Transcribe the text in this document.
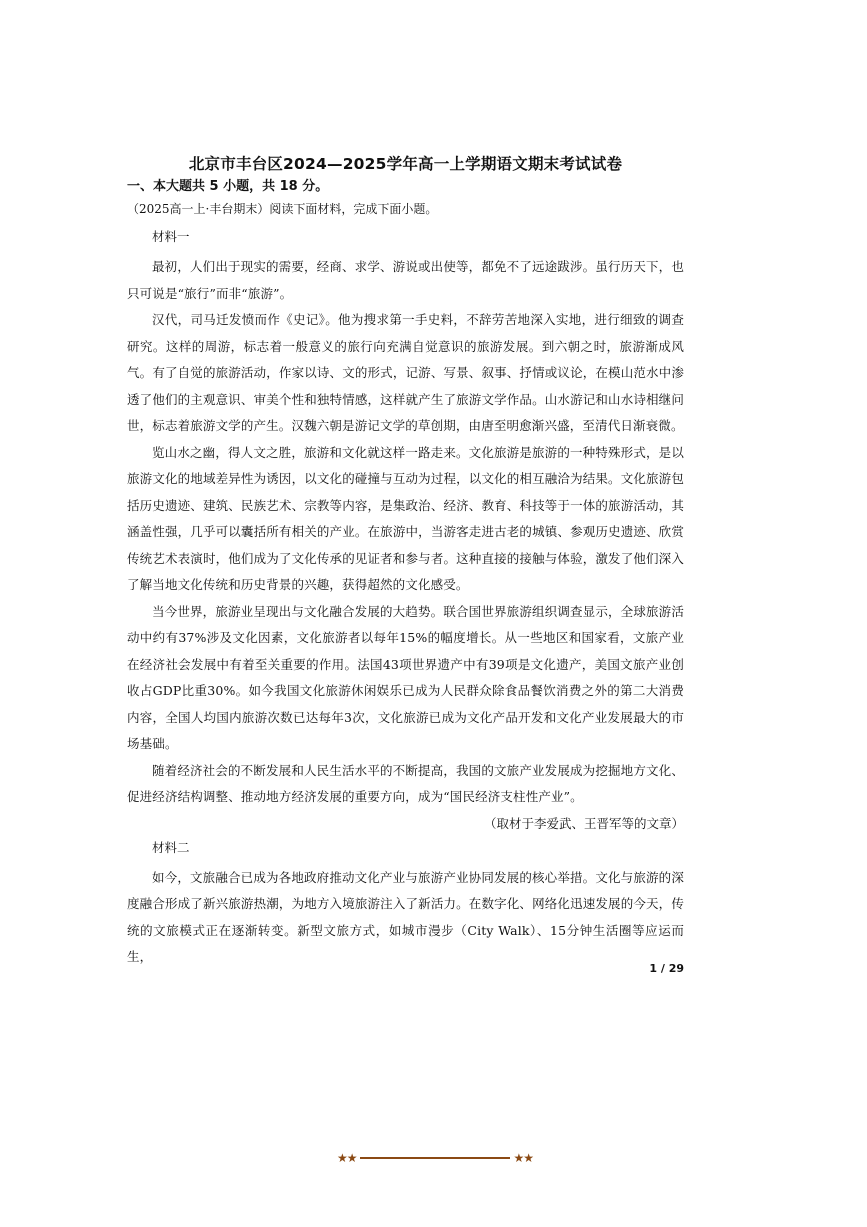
北京市丰台区2024—2025学年高一上学期语文期末考试试卷
一、本大题共 5 小题，共 18 分。
（2025高一上·丰台期末）阅读下面材料，完成下面小题。
材料一

最初，人们出于现实的需要，经商、求学、游说或出使等，都免不了远途跋涉。虽行历天下，也只可说是“旅行”而非“旅游”。

汉代，司马迁发愤而作《史记》。他为搜求第一手史料，不辞劳苦地深入实地，进行细致的调查研究。这样的周游，标志着一般意义的旅行向充满自觉意识的旅游发展。到六朝之时，旅游渐成风气。有了自觉的旅游活动，作家以诗、文的形式，记游、写景、叙事、抒情或议论，在模山范水中渗透了他们的主观意识、审美个性和独特情感，这样就产生了旅游文学作品。山水游记和山水诗相继问世，标志着旅游文学的产生。汉魏六朝是游记文学的草创期，由唐至明愈渐兴盛，至清代日渐衰微。

览山水之幽，得人文之胜，旅游和文化就这样一路走来。文化旅游是旅游的一种特殊形式，是以旅游文化的地域差异性为诱因，以文化的碰撞与互动为过程，以文化的相互融洽为结果。文化旅游包括历史遗迹、建筑、民族艺术、宗教等内容，是集政治、经济、教育、科技等于一体的旅游活动，其涵盖性强，几乎可以囊括所有相关的产业。在旅游中，当游客走进古老的城镇、参观历史遗迹、欣赏传统艺术表演时，他们成为了文化传承的见证者和参与者。这种直接的接触与体验，激发了他们深入了解当地文化传统和历史背景的兴趣，获得超然的文化感受。

当今世界，旅游业呈现出与文化融合发展的大趋势。联合国世界旅游组织调查显示，全球旅游活动中约有37%涉及文化因素，文化旅游者以每年15%的幅度增长。从一些地区和国家看，文旅产业在经济社会发展中有着至关重要的作用。法国43项世界遗产中有39项是文化遗产，美国文旅产业创收占GDP比重30%。如今我国文化旅游休闲娱乐已成为人民群众除食品餐饮消费之外的第二大消费内容，全国人均国内旅游次数已达每年3次，文化旅游已成为文化产品开发和文化产业发展最大的市场基础。

随着经济社会的不断发展和人民生活水平的不断提高，我国的文旅产业发展成为挖掘地方文化、促进经济结构调整、推动地方经济发展的重要方向，成为“国民经济支柱性产业”。

（取材于李爱武、王晋军等的文章）
材料二

如今，文旅融合已成为各地政府推动文化产业与旅游产业协同发展的核心举措。文化与旅游的深度融合形成了新兴旅游热潮，为地方入境旅游注入了新活力。在数字化、网络化迅速发展的今天，传统的文旅模式正在逐渐转变。新型文旅方式，如城市漫步（City Walk）、15分钟生活圈等应运而生，

1 / 29
★★	★★
